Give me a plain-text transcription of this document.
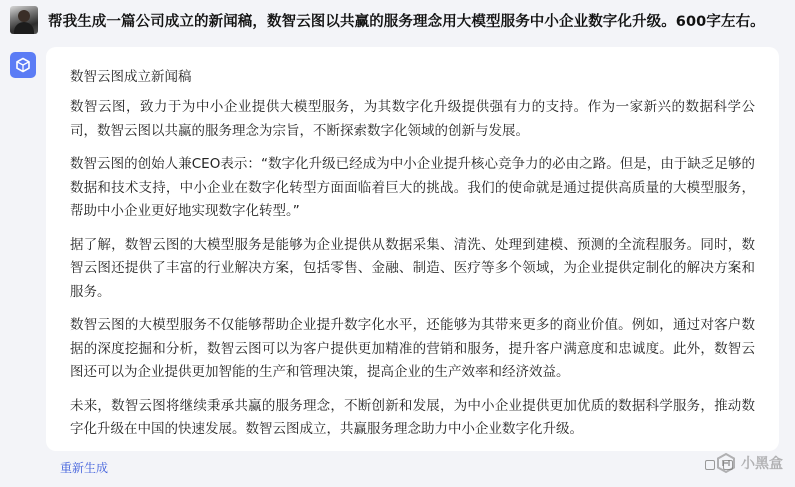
帮我生成一篇公司成立的新闻稿，数智云图以共赢的服务理念用大模型服务中小企业数字化升级。600字左右。
数智云图成立新闻稿

数智云图，致力于为中小企业提供大模型服务，为其数字化升级提供强有力的支持。作为一家新兴的数据科学公司，数智云图以共赢的服务理念为宗旨，不断探索数字化领域的创新与发展。

数智云图的创始人兼CEO表示：“数字化升级已经成为中小企业提升核心竞争力的必由之路。但是，由于缺乏足够的数据和技术支持，中小企业在数字化转型方面面临着巨大的挑战。我们的使命就是通过提供高质量的大模型服务，帮助中小企业更好地实现数字化转型。”

据了解，数智云图的大模型服务是能够为企业提供从数据采集、清洗、处理到建模、预测的全流程服务。同时，数智云图还提供了丰富的行业解决方案，包括零售、金融、制造、医疗等多个领域，为企业提供定制化的解决方案和服务。

数智云图的大模型服务不仅能够帮助企业提升数字化水平，还能够为其带来更多的商业价值。例如，通过对客户数据的深度挖掘和分析，数智云图可以为客户提供更加精准的营销和服务，提升客户满意度和忠诚度。此外，数智云图还可以为企业提供更加智能的生产和管理决策，提高企业的生产效率和经济效益。

未来，数智云图将继续秉承共赢的服务理念，不断创新和发展，为中小企业提供更加优质的数据科学服务，推动数字化升级在中国的快速发展。数智云图成立，共赢服务理念助力中小企业数字化升级。

重新生成	小黑盒
